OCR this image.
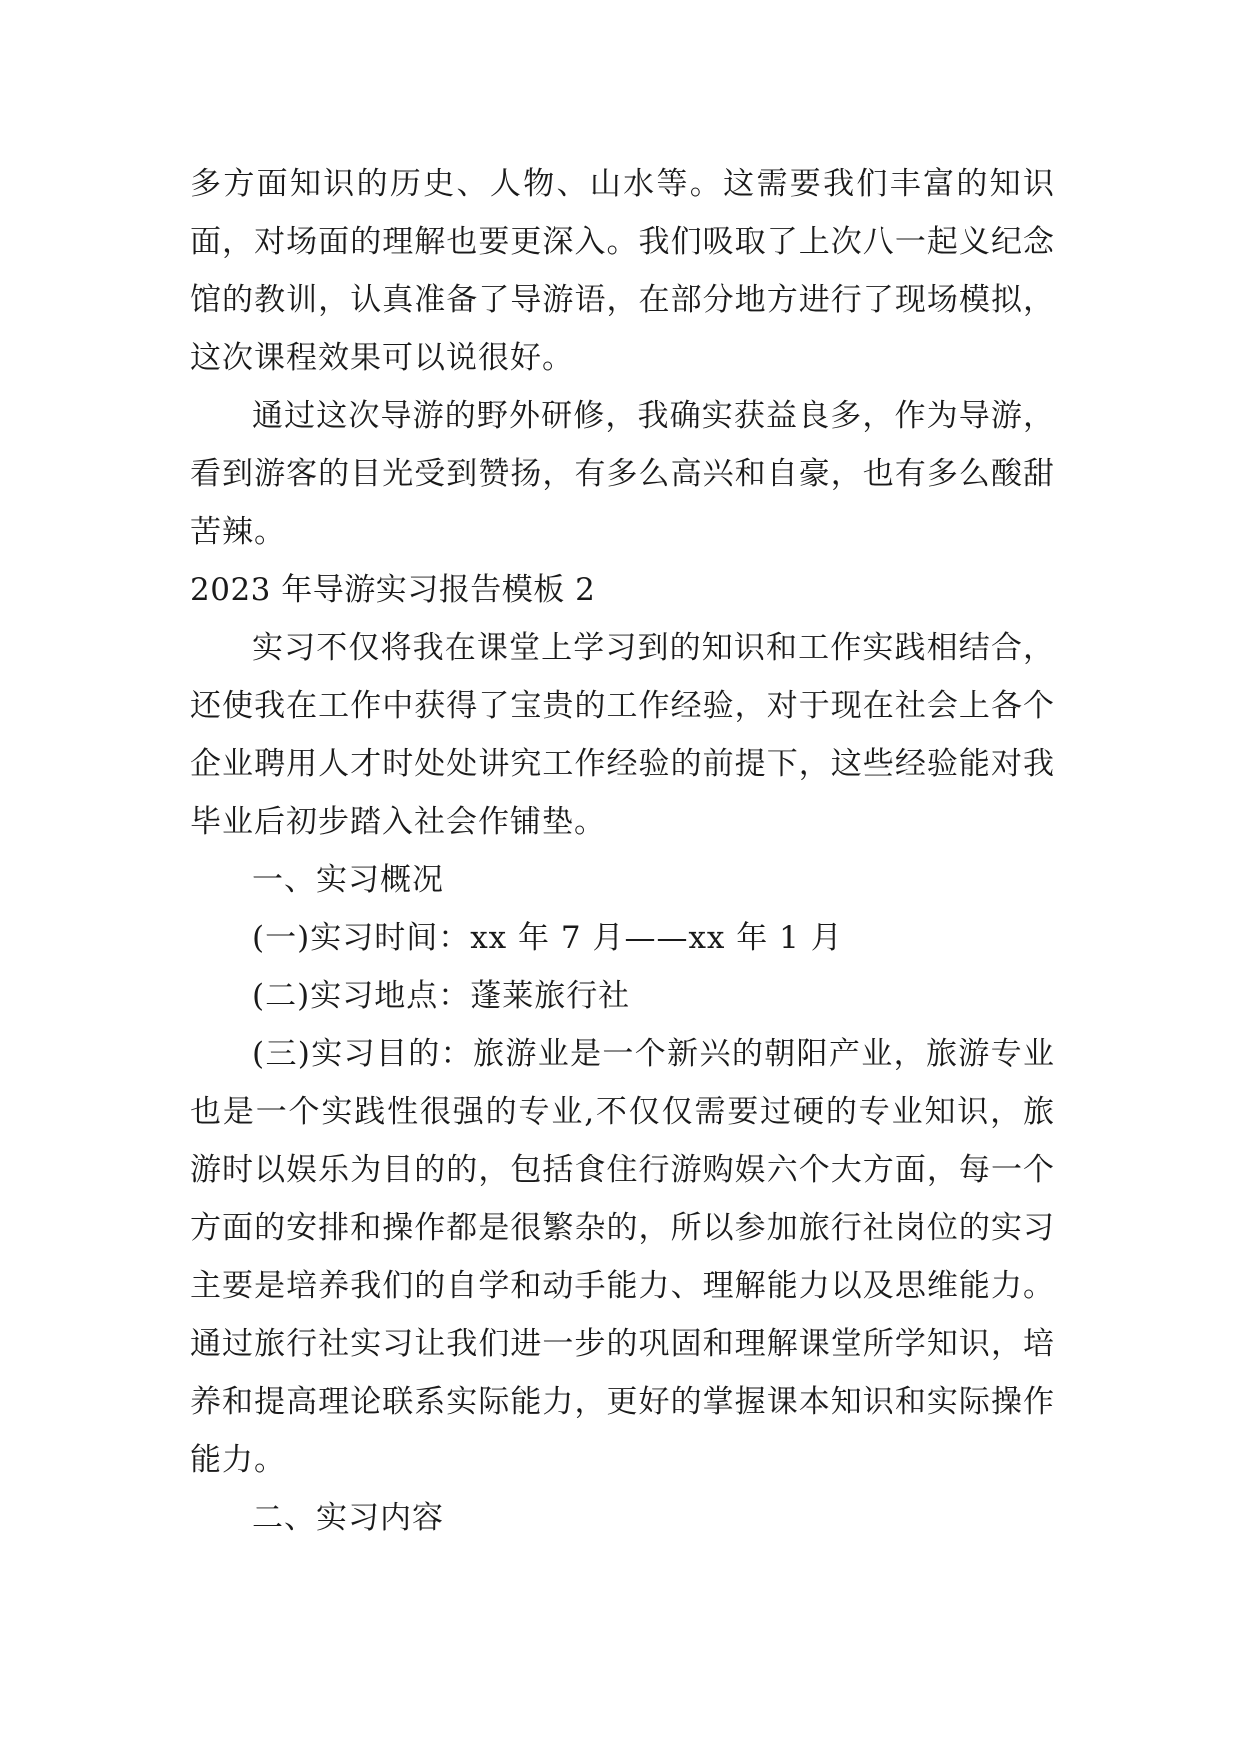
多方面知识的历史、人物、山水等。这需要我们丰富的知识面，对场面的理解也要更深入。我们吸取了上次八一起义纪念馆的教训，认真准备了导游语，在部分地方进行了现场模拟，这次课程效果可以说很好。

通过这次导游的野外研修，我确实获益良多，作为导游，看到游客的目光受到赞扬，有多么高兴和自豪，也有多么酸甜苦辣。

2023 年导游实习报告模板 2

实习不仅将我在课堂上学习到的知识和工作实践相结合，还使我在工作中获得了宝贵的工作经验，对于现在社会上各个企业聘用人才时处处讲究工作经验的前提下，这些经验能对我毕业后初步踏入社会作铺垫。

一、实习概况

(一)实习时间：xx 年 7 月——xx 年 1 月

(二)实习地点：蓬莱旅行社

(三)实习目的：旅游业是一个新兴的朝阳产业，旅游专业也是一个实践性很强的专业,不仅仅需要过硬的专业知识，旅游时以娱乐为目的的，包括食住行游购娱六个大方面，每一个方面的安排和操作都是很繁杂的，所以参加旅行社岗位的实习主要是培养我们的自学和动手能力、理解能力以及思维能力。通过旅行社实习让我们进一步的巩固和理解课堂所学知识，培养和提高理论联系实际能力，更好的掌握课本知识和实际操作能力。

二、实习内容
